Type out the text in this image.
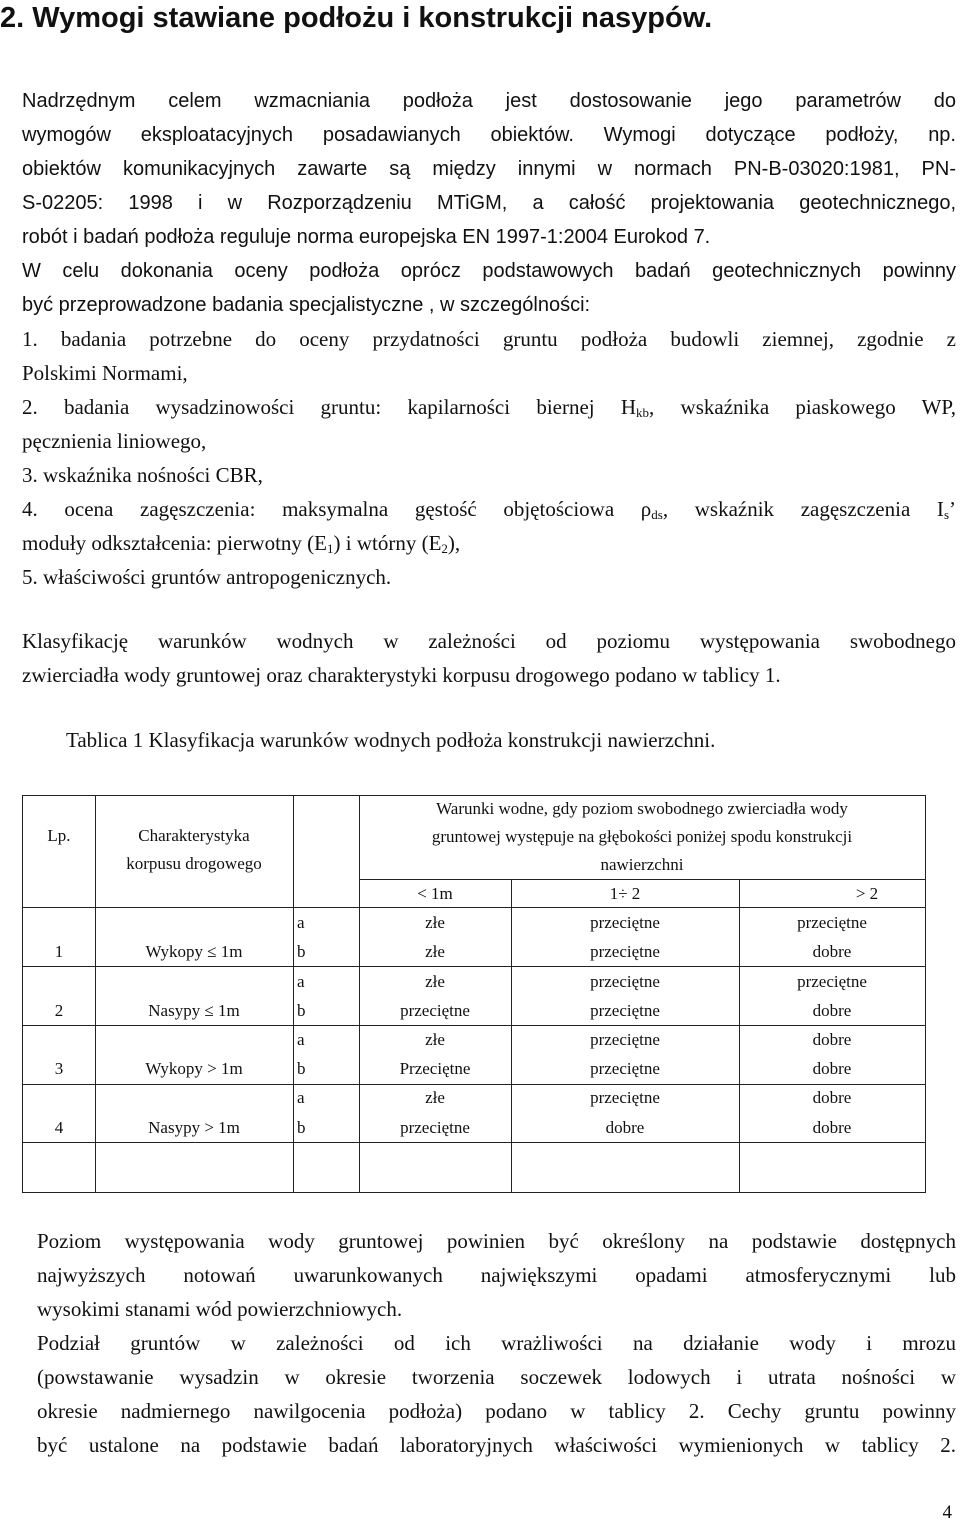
2. Wymogi stawiane podłożu i konstrukcji nasypów.
Nadrzędnym celem wzmacniania podłoża jest dostosowanie jego parametrów do
wymogów eksploatacyjnych posadawianych obiektów. Wymogi dotyczące podłoży, np.
obiektów komunikacyjnych zawarte są między innymi w normach PN-B-03020:1981, PN-
S-02205: 1998 i w Rozporządzeniu MTiGM, a całość projektowania geotechnicznego,
robót i badań podłoża reguluje norma europejska EN 1997-1:2004 Eurokod 7.
W celu dokonania oceny podłoża oprócz podstawowych badań geotechnicznych powinny
być przeprowadzone badania specjalistyczne , w szczególności:
1. badania potrzebne do oceny przydatności gruntu podłoża budowli ziemnej, zgodnie z
Polskimi Normami,
2. badania wysadzinowości gruntu: kapilarności biernej $H_{kb}$, wskaźnika piaskowego WP,
pęcznienia liniowego,
3. wskaźnika nośności CBR,
4. ocena zagęszczenia: maksymalna gęstość objętościowa $\rho_{ds}$, wskaźnik zagęszczenia $I_s$’
moduły odkształcenia: pierwotny $(E_1)$ i wtórny $(E_2)$,
5. właściwości gruntów antropogenicznych.
Klasyfikację warunków wodnych w zależności od poziomu występowania swobodnego
zwierciadła wody gruntowej oraz charakterystyki korpusu drogowego podano w tablicy 1.
Tablica 1 Klasyfikacja warunków wodnych podłoża konstrukcji nawierzchni.
Lp.	Charakterystyka
korpusu drogowego
Warunki wodne, gdy poziom swobodnego zwierciadła wody
gruntowej występuje na głębokości poniżej spodu konstrukcji
nawierzchni
< 1m	1÷ 2	> 2
1	Wykopy ≤ 1m
a	złe	przeciętne	przeciętne
b	złe	przeciętne	dobre
2	Nasypy ≤ 1m
a	złe	przeciętne	przeciętne
b	przeciętne	przeciętne	dobre
3	Wykopy > 1m
a	złe	przeciętne	dobre
b	Przeciętne	przeciętne	dobre
4	Nasypy > 1m
a	złe	przeciętne	dobre
b	przeciętne	dobre	dobre
Poziom występowania wody gruntowej powinien być określony na podstawie dostępnych
najwyższych notowań uwarunkowanych największymi opadami atmosferycznymi lub
wysokimi stanami wód powierzchniowych.
Podział gruntów w zależności od ich wrażliwości na działanie wody i mrozu
(powstawanie wysadzin w okresie tworzenia soczewek lodowych i utrata nośności w
okresie nadmiernego nawilgocenia podłoża) podano w tablicy 2. Cechy gruntu powinny
być ustalone na podstawie badań laboratoryjnych właściwości wymienionych w tablicy 2.
4
